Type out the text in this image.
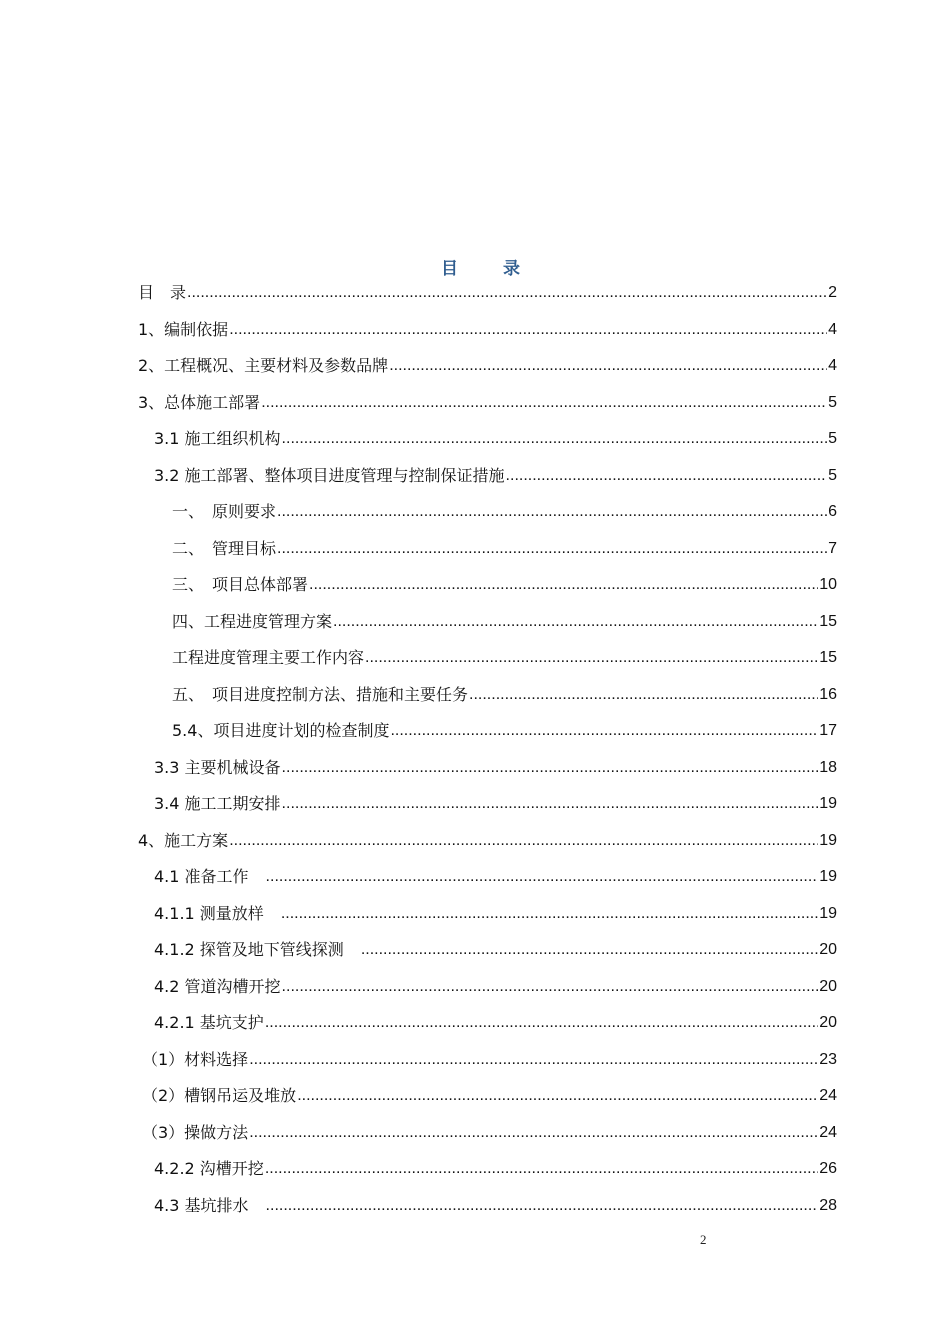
目　录
目　录 .....	2
1、编制依据 .....	4
2、工程概况、主要材料及参数品牌 .....	4
3、总体施工部署 .....	5
3.1 施工组织机构 .....	5
3.2 施工部署、整体项目进度管理与控制保证措施 .....	5
一、　原则要求 .....	6
二、　管理目标 .....	7
三、　项目总体部署 .....	10
四、工程进度管理方案 .....	15
工程进度管理主要工作内容 .....	15
五、　项目进度控制方法、措施和主要任务 .....	16
5.4、项目进度计划的检查制度 .....	17
3.3 主要机械设备 .....	18
3.4 施工工期安排 .....	19
4、施工方案 .....	19
4.1 准备工作　 .....	19
4.1.1 测量放样　 .....	19
4.1.2 探管及地下管线探测　 .....	20
4.2 管道沟槽开挖 .....	20
4.2.1 基坑支护 .....	20
（1）材料选择 .....	23
（2）槽钢吊运及堆放 .....	24
（3）操做方法 .....	24
4.2.2 沟槽开挖 .....	26
4.3 基坑排水　 .....	28
2
